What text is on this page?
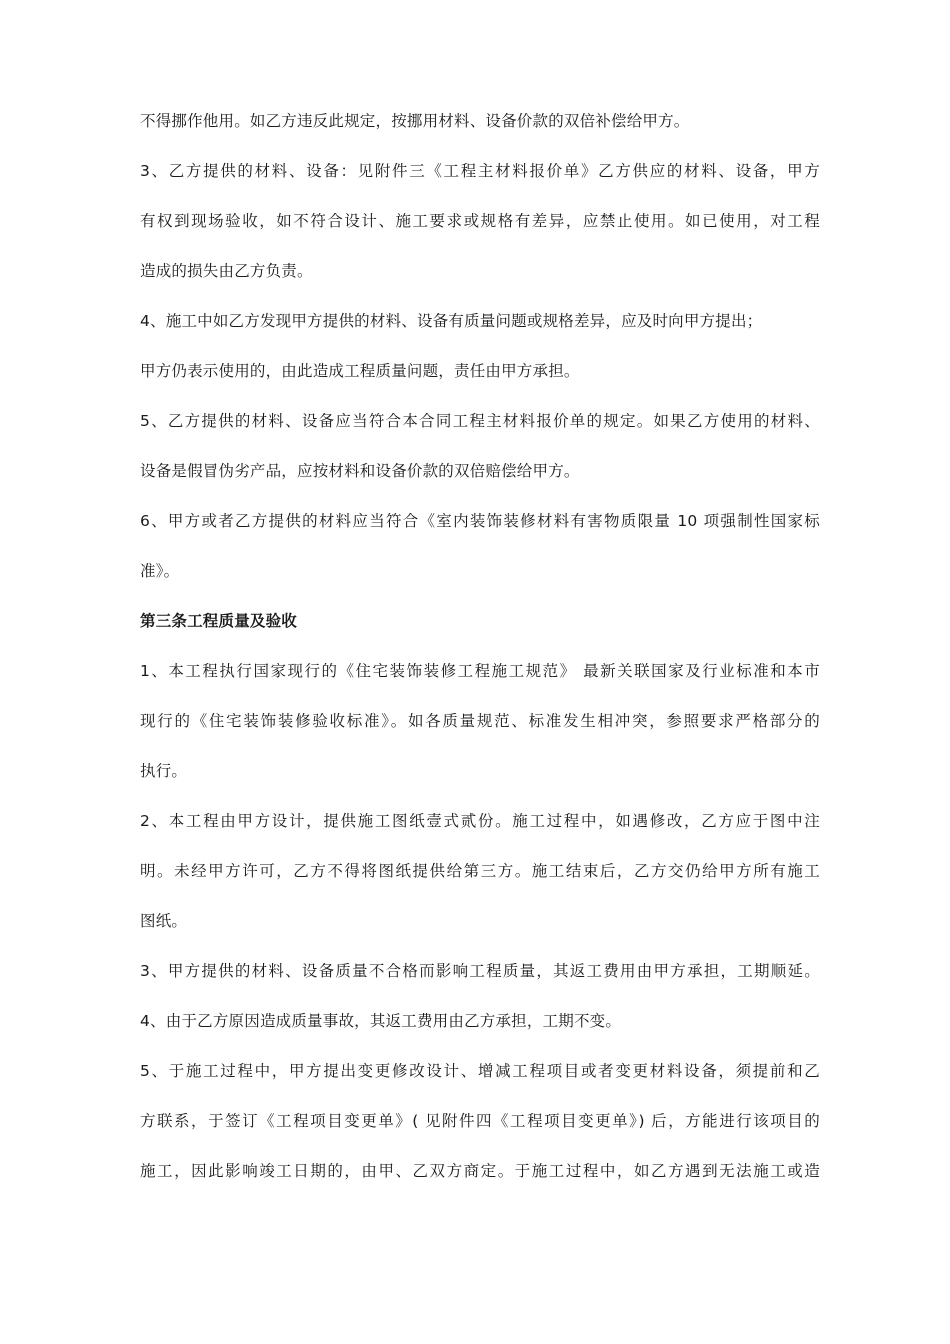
不得挪作他用。如乙方违反此规定，按挪用材料、设备价款的双倍补偿给甲方。
3、乙方提供的材料、设备：见附件三《工程主材料报价单》乙方供应的材料、设备，甲方
有权到现场验收，如不符合设计、施工要求或规格有差异，应禁止使用。如已使用，对工程
造成的损失由乙方负责。
4、施工中如乙方发现甲方提供的材料、设备有质量问题或规格差异，应及时向甲方提出；
甲方仍表示使用的，由此造成工程质量问题，责任由甲方承担。
5、乙方提供的材料、设备应当符合本合同工程主材料报价单的规定。如果乙方使用的材料、
设备是假冒伪劣产品，应按材料和设备价款的双倍赔偿给甲方。
6、甲方或者乙方提供的材料应当符合《室内装饰装修材料有害物质限量 10 项强制性国家标
准》。
第三条工程质量及验收
1、本工程执行国家现行的《住宅装饰装修工程施工规范》 最新关联国家及行业标准和本市
现行的《住宅装饰装修验收标准》。如各质量规范、标准发生相冲突，参照要求严格部分的
执行。
2、本工程由甲方设计，提供施工图纸壹式贰份。施工过程中，如遇修改，乙方应于图中注
明。未经甲方许可，乙方不得将图纸提供给第三方。施工结束后，乙方交仍给甲方所有施工
图纸。
3、甲方提供的材料、设备质量不合格而影响工程质量，其返工费用由甲方承担，工期顺延。
4、由于乙方原因造成质量事故，其返工费用由乙方承担，工期不变。
5、于施工过程中，甲方提出变更修改设计、增减工程项目或者变更材料设备，须提前和乙
方联系，于签订《工程项目变更单》( 见附件四《工程项目变更单》) 后，方能进行该项目的
施工，因此影响竣工日期的，由甲、乙双方商定。于施工过程中，如乙方遇到无法施工或造
